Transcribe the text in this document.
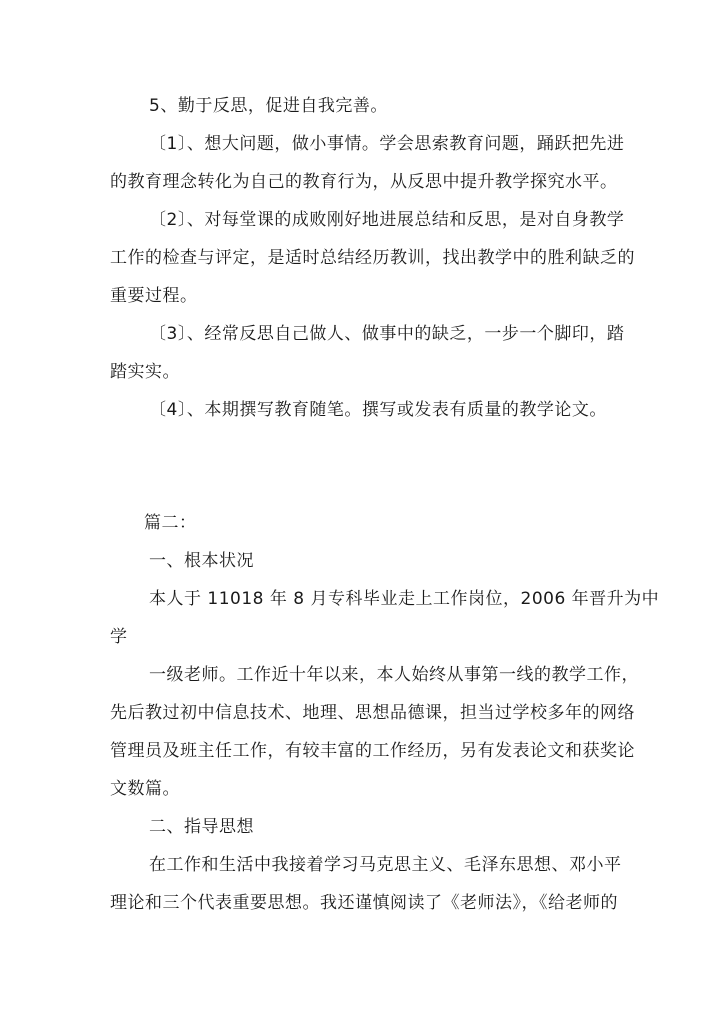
5、勤于反思，促进自我完善。
〔1〕、想大问题，做小事情。学会思索教育问题，踊跃把先进
的教育理念转化为自己的教育行为，从反思中提升教学探究水平。
〔2〕、对每堂课的成败刚好地进展总结和反思，是对自身教学
工作的检查与评定，是适时总结经历教训，找出教学中的胜利缺乏的
重要过程。
〔3〕、经常反思自己做人、做事中的缺乏，一步一个脚印，踏
踏实实。
〔4〕、本期撰写教育随笔。撰写或发表有质量的教学论文。
篇二：
一、根本状况
本人于 11018 年 8 月专科毕业走上工作岗位，2006 年晋升为中
学
一级老师。工作近十年以来，本人始终从事第一线的教学工作，
先后教过初中信息技术、地理、思想品德课，担当过学校多年的网络
管理员及班主任工作，有较丰富的工作经历，另有发表论文和获奖论
文数篇。
二、指导思想
在工作和生活中我接着学习马克思主义、毛泽东思想、邓小平
理论和三个代表重要思想。我还谨慎阅读了《老师法》，《给老师的
